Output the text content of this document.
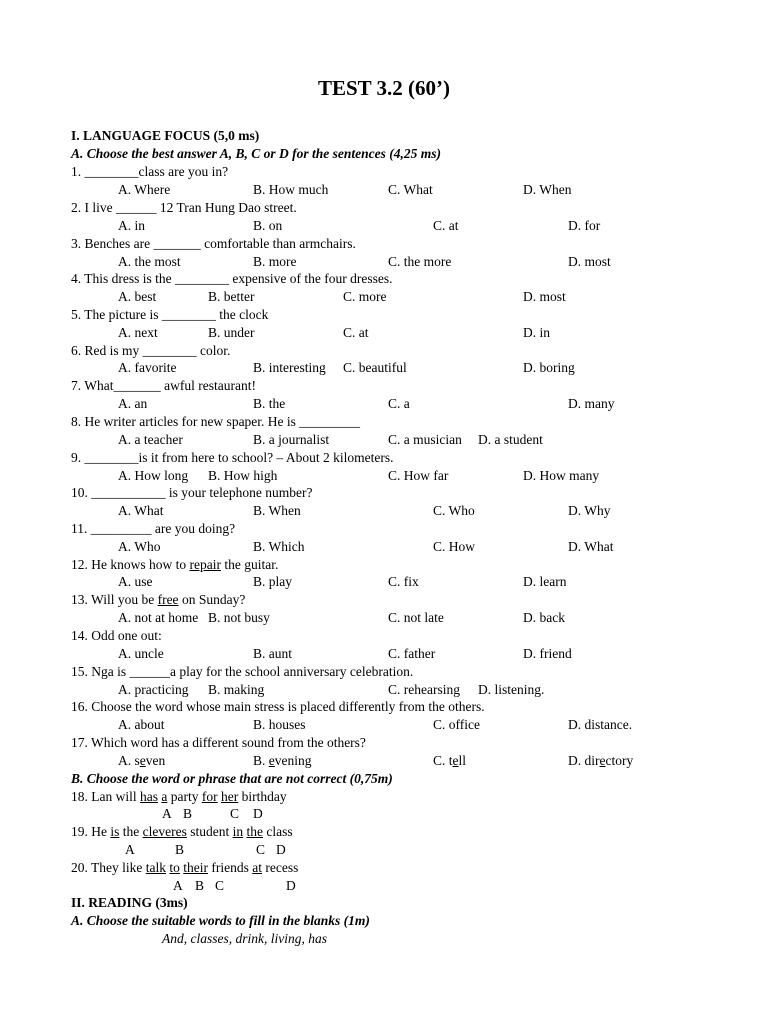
TEST 3.2 (60’)
I. LANGUAGE FOCUS (5,0 ms)
A. Choose the best answer A, B, C or D for the sentences (4,25 ms)
1. ________class are you in?
A. Where	B. How much	C. What	D. When
2. I live ______ 12 Tran Hung Dao street.
A. in	B. on	C. at	D. for
3. Benches are _______ comfortable than armchairs.
A. the most	B. more	C. the more	D. most
4. This dress is the ________ expensive of the four dresses.
A. best	B. better	C. more	D. most
5. The picture is ________ the clock
A. next	B. under	C. at	D. in
6. Red is my ________ color.
A. favorite	B. interesting C. beautiful	D. boring
7. What_______ awful restaurant!
A. an	B. the	C. a	D. many
8. He writer articles for new spaper. He is _________
A. a teacher	B. a journalist	C. a musician D. a student
9. ________is it from here to school? – About 2 kilometers.
A. How long B. How high	C. How far	D. How many
10. ___________ is your telephone number?
A. What	B. When	C. Who	D. Why
11. _________ are you doing?
A. Who	B. Which	C. How	D. What
12. He knows how to repair the guitar.
A. use	B. play	C. fix	D. learn
13. Will you be free on Sunday?
A. not at home B. not busy	C. not late	D. back
14. Odd one out:
A. uncle	B. aunt	C. father	D. friend
15. Nga is ______a play for the school anniversary celebration.
A. practicing B. making	C. rehearsing D. listening.
16. Choose the word whose main stress is placed differently from the others.
A. about	B. houses	C. office	D. distance.
17. Which word has a different sound from the others?
A. seven	B. evening	C. tell	D. directory
B. Choose the word or phrase that are not correct (0,75m)
18. Lan will has a party for her birthday
A B	C D
19. He is the cleveres student in the class
A	B	C D
20. They like talk to their friends at recess
A B C	D
II. READING (3ms)
A. Choose the suitable words to fill in the blanks (1m)
And, classes, drink, living, has
